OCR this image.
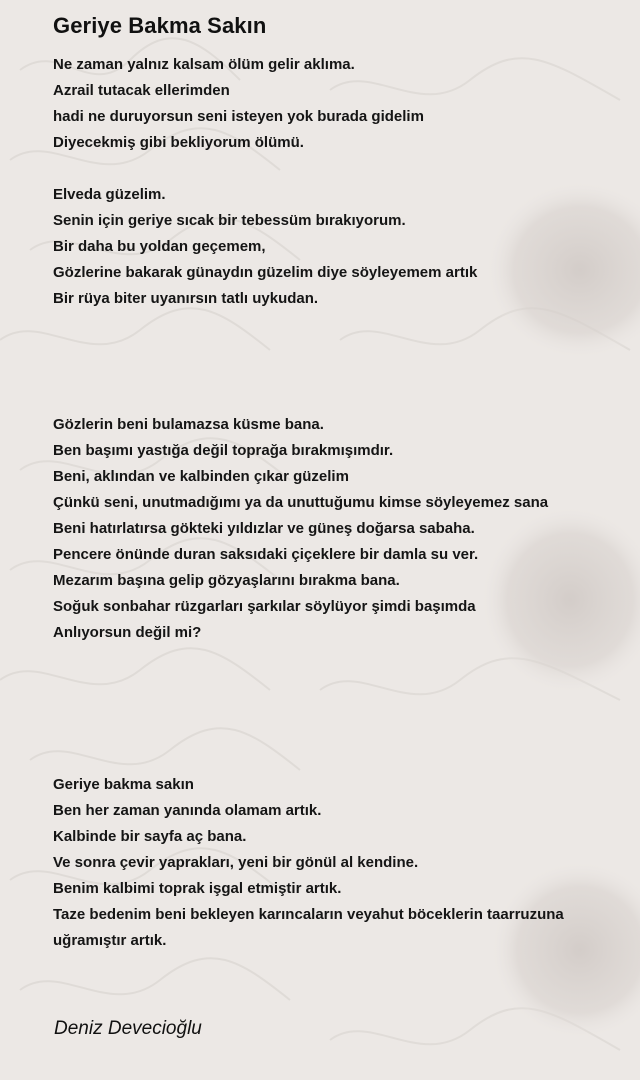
Geriye Bakma Sakın

Ne zaman yalnız kalsam ölüm gelir aklıma.
Azrail tutacak ellerimden
hadi ne duruyorsun seni isteyen yok burada gidelim
Diyecekmiş gibi bekliyorum ölümü.

Elveda güzelim.
Senin için geriye sıcak bir tebessüm bırakıyorum.
Bir daha bu yoldan geçemem,
Gözlerine bakarak günaydın güzelim diye söyleyemem artık
Bir rüya biter uyanırsın tatlı uykudan.

Gözlerin beni bulamazsa küsme bana.
Ben başımı yastığa değil toprağa bırakmışımdır.
Beni, aklından ve kalbinden çıkar güzelim
Çünkü seni, unutmadığımı ya da unuttuğumu kimse söyleyemez sana
Beni hatırlatırsa gökteki yıldızlar ve güneş doğarsa sabaha.
Pencere önünde duran saksıdaki çiçeklere bir damla su ver.
Mezarım başına gelip gözyaşlarını bırakma bana.
Soğuk sonbahar rüzgarları şarkılar söylüyor şimdi başımda
Anlıyorsun değil mi?

Geriye bakma sakın
Ben her zaman yanında olamam artık.
Kalbinde bir sayfa aç bana.
Ve sonra çevir yaprakları, yeni bir gönül al kendine.
Benim kalbimi toprak işgal etmiştir artık.
Taze bedenim beni bekleyen karıncaların veyahut böceklerin taarruzuna
uğramıştır artık.

Deniz Devecioğlu
